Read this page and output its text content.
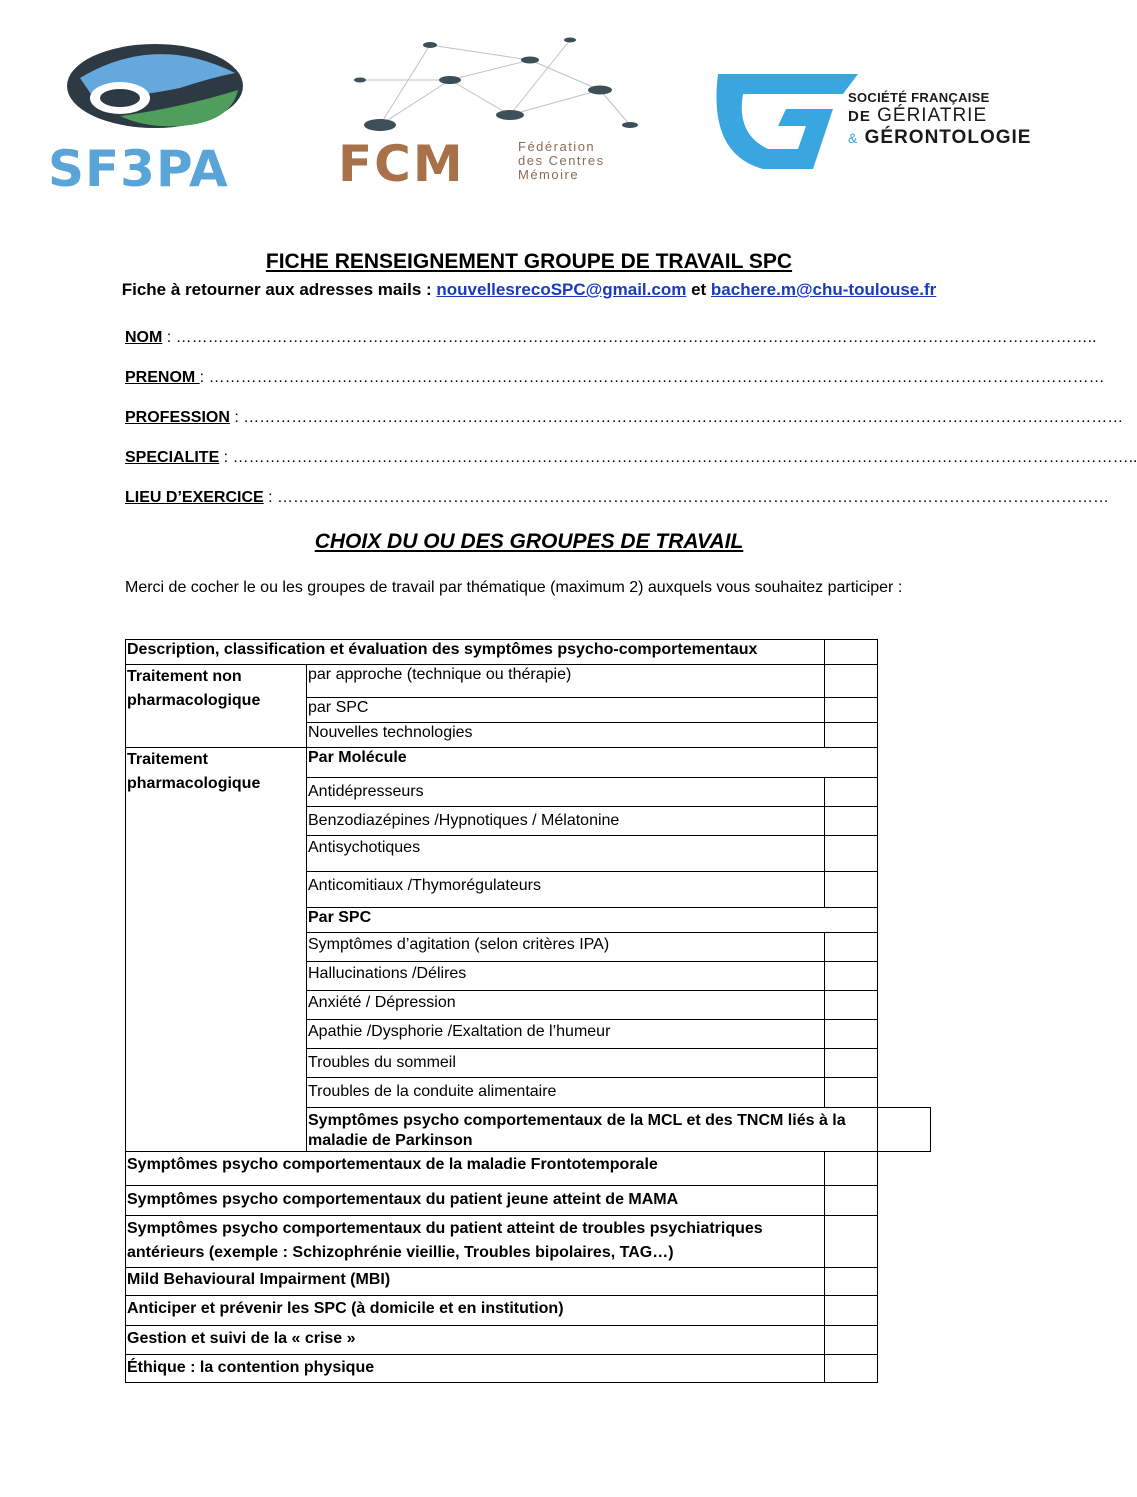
SF3PA FCM	Fédération
des Centres
Mémoire
SOCIÉTÉ FRANÇAISE
DE GÉRIATRIE
& GÉRONTOLOGIE
FICHE RENSEIGNEMENT GROUPE DE TRAVAIL SPC
Fiche à retourner aux adresses mails : nouvellesrecoSPC@gmail.com et bachere.m@chu-toulouse.fr
NOM : ………………………………………………………………………………………………………………………………………………………..
PRENOM : ……………………………………………………………………………………………………………………………………………………
PROFESSION : …………………………………………………………………………………………………………………………………………………
SPECIALITE : ……………………………………………………………………………………………………………………………………………………..
LIEU D’EXERCICE : …………………………………………………………………………………………………………………………………………
CHOIX DU OU DES GROUPES DE TRAVAIL
Merci de cocher le ou les groupes de travail par thématique (maximum 2) auxquels vous souhaitez participer :
Description, classification et évaluation des symptômes psycho-comportementaux			
Traitement non pharmacologique	par approche (technique ou thérapie)		
	par SPC		
	Nouvelles technologies		
Traitement pharmacologique	Par Molécule		
	Antidépresseurs		
	Benzodiazépines /Hypnotiques / Mélatonine		
	Antisychotiques		
	Anticomitiaux /Thymorégulateurs		
	Par SPC		
	Symptômes d’agitation (selon critères IPA)		
	Hallucinations /Délires		
	Anxiété / Dépression		
	Apathie /Dysphorie /Exaltation de l’humeur		
	Troubles du sommeil		
	Troubles de la conduite alimentaire		
	Symptômes psycho comportementaux de la MCL et des TNCM liés à la maladie de Parkinson		
Symptômes psycho comportementaux de la maladie Frontotemporale			
Symptômes psycho comportementaux du patient jeune atteint de MAMA			
Symptômes psycho comportementaux du patient atteint de troubles psychiatriques antérieurs (exemple : Schizophrénie vieillie, Troubles bipolaires, TAG…)			
Mild Behavioural Impairment (MBI)			
Anticiper et prévenir les SPC (à domicile et en institution)			
Gestion et suivi de la « crise »			
Éthique : la contention physique			
